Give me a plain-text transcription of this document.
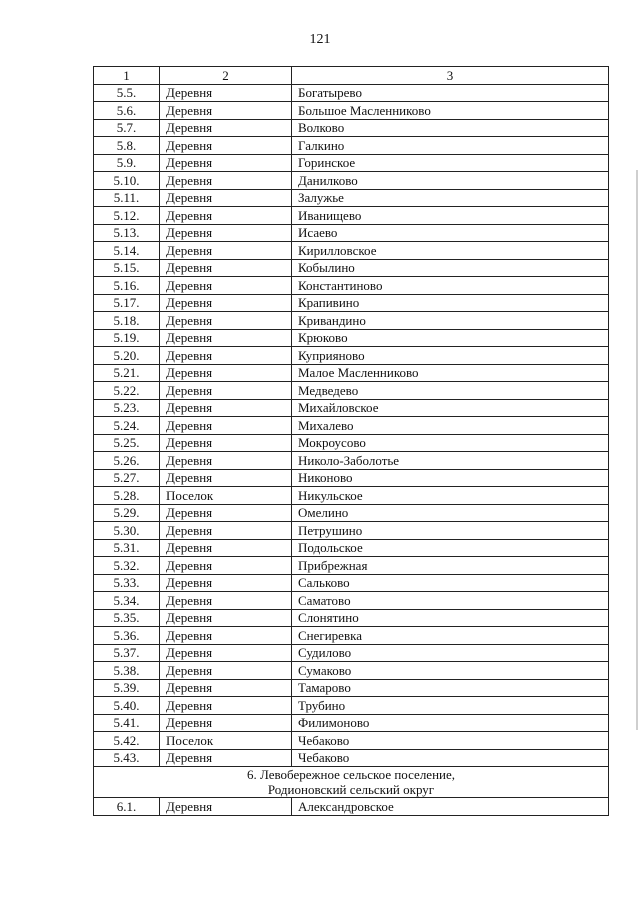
121
1	2	3
5.5.	Деревня	Богатырево
5.6.	Деревня	Большое Масленниково
5.7.	Деревня	Волково
5.8.	Деревня	Галкино
5.9.	Деревня	Горинское
5.10.	Деревня	Данилково
5.11.	Деревня	Залужье
5.12.	Деревня	Иванищево
5.13.	Деревня	Исаево
5.14.	Деревня	Кирилловское
5.15.	Деревня	Кобылино
5.16.	Деревня	Константиново
5.17.	Деревня	Крапивино
5.18.	Деревня	Кривандино
5.19.	Деревня	Крюково
5.20.	Деревня	Куприяново
5.21.	Деревня	Малое Масленниково
5.22.	Деревня	Медведево
5.23.	Деревня	Михайловское
5.24.	Деревня	Михалево
5.25.	Деревня	Мокроусово
5.26.	Деревня	Николо-Заболотье
5.27.	Деревня	Никоново
5.28.	Поселок	Никульское
5.29.	Деревня	Омелино
5.30.	Деревня	Петрушино
5.31.	Деревня	Подольское
5.32.	Деревня	Прибрежная
5.33.	Деревня	Сальково
5.34.	Деревня	Саматово
5.35.	Деревня	Слонятино
5.36.	Деревня	Снегиревка
5.37.	Деревня	Судилово
5.38.	Деревня	Сумаково
5.39.	Деревня	Тамарово
5.40.	Деревня	Трубино
5.41.	Деревня	Филимоново
5.42.	Поселок	Чебаково
5.43.	Деревня	Чебаково

6. Левобережное сельское поселение,
Родионовский сельский округ		

6.1.	Деревня	Александровское
